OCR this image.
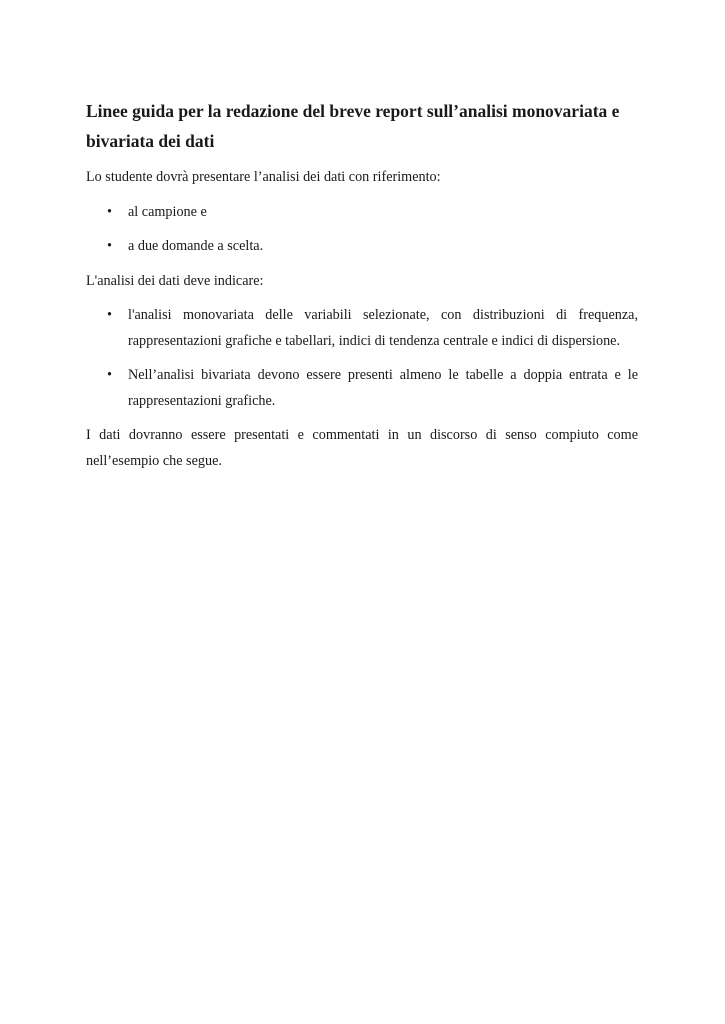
Linee guida per la redazione del breve report sull’analisi monovariata e bivariata dei dati

Lo studente dovrà presentare l’analisi dei dati con riferimento:

• al campione e
• a due domande a scelta.

L'analisi dei dati deve indicare:

• l'analisi monovariata delle variabili selezionate, con distribuzioni di frequenza, rappresentazioni grafiche e tabellari, indici di tendenza centrale e indici di dispersione.
• Nell’analisi bivariata devono essere presenti almeno le tabelle a doppia entrata e le rappresentazioni grafiche.

I dati dovranno essere presentati e commentati in un discorso di senso compiuto come nell’esempio che segue.
